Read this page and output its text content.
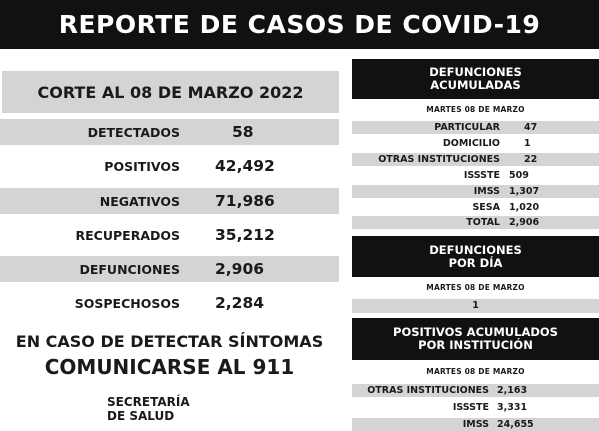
REPORTE DE CASOS DE COVID-19
CORTE AL 08 DE MARZO 2022
DETECTADOS	58
POSITIVOS 42,492
NEGATIVOS 71,986
RECUPERADOS 35,212
DEFUNCIONES 2,906
SOSPECHOSOS 2,284
EN CASO DE DETECTAR SÍNTOMAS
COMUNICARSE AL 911
SECRETARÍA
DE SALUD
DEFUNCIONES
ACUMULADAS
MARTES 08 DE MARZO
PARTICULAR	47
DOMICILIO	1
OTRAS INSTITUCIONES	22
ISSSTE 509
IMSS 1,307
SESA 1,020
TOTAL 2,906
DEFUNCIONES
POR DÍA
MARTES 08 DE MARZO
1
POSITIVOS ACUMULADOS
POR INSTITUCIÓN
MARTES 08 DE MARZO
OTRAS INSTITUCIONES 2,163
ISSSTE 3,331
IMSS 24,655
